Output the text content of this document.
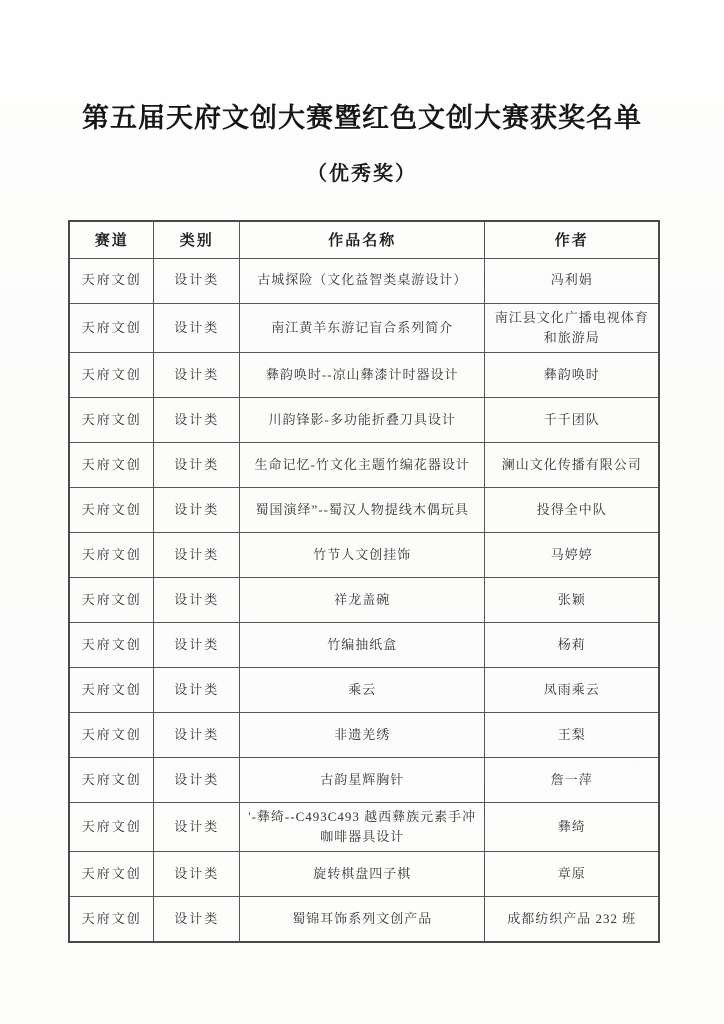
第五届天府文创大赛暨红色文创大赛获奖名单
（优秀奖）
赛道	类别	作品名称	作者
天府文创	设计类	古城探险（文化益智类桌游设计）	冯利娟
天府文创	设计类	南江黄羊东游记盲合系列简介	南江县文化广播电视体育和旅游局
天府文创	设计类	彝韵唤时--凉山彝漆计时器设计	彝韵唤时
天府文创	设计类	川韵锋影-多功能折叠刀具设计	千千团队
天府文创	设计类	生命记忆-竹文化主题竹编花器设计	澜山文化传播有限公司
天府文创	设计类	蜀国演绎”--蜀汉人物提线木偶玩具	投得全中队
天府文创	设计类	竹节人文创挂饰	马婷婷
天府文创	设计类	祥龙盖碗	张颖
天府文创	设计类	竹编抽纸盒	杨莉
天府文创	设计类	乘云	凤雨乘云
天府文创	设计类	非遗羌绣	王梨
天府文创	设计类	古韵星辉胸针	詹一萍
天府文创	设计类	'-彝绮--C493C493 越西彝族元素手冲咖啡器具设计	彝绮
天府文创	设计类	旋转棋盘四子棋	章原
天府文创	设计类	蜀锦耳饰系列文创产品	成都纺织产品 232 班
